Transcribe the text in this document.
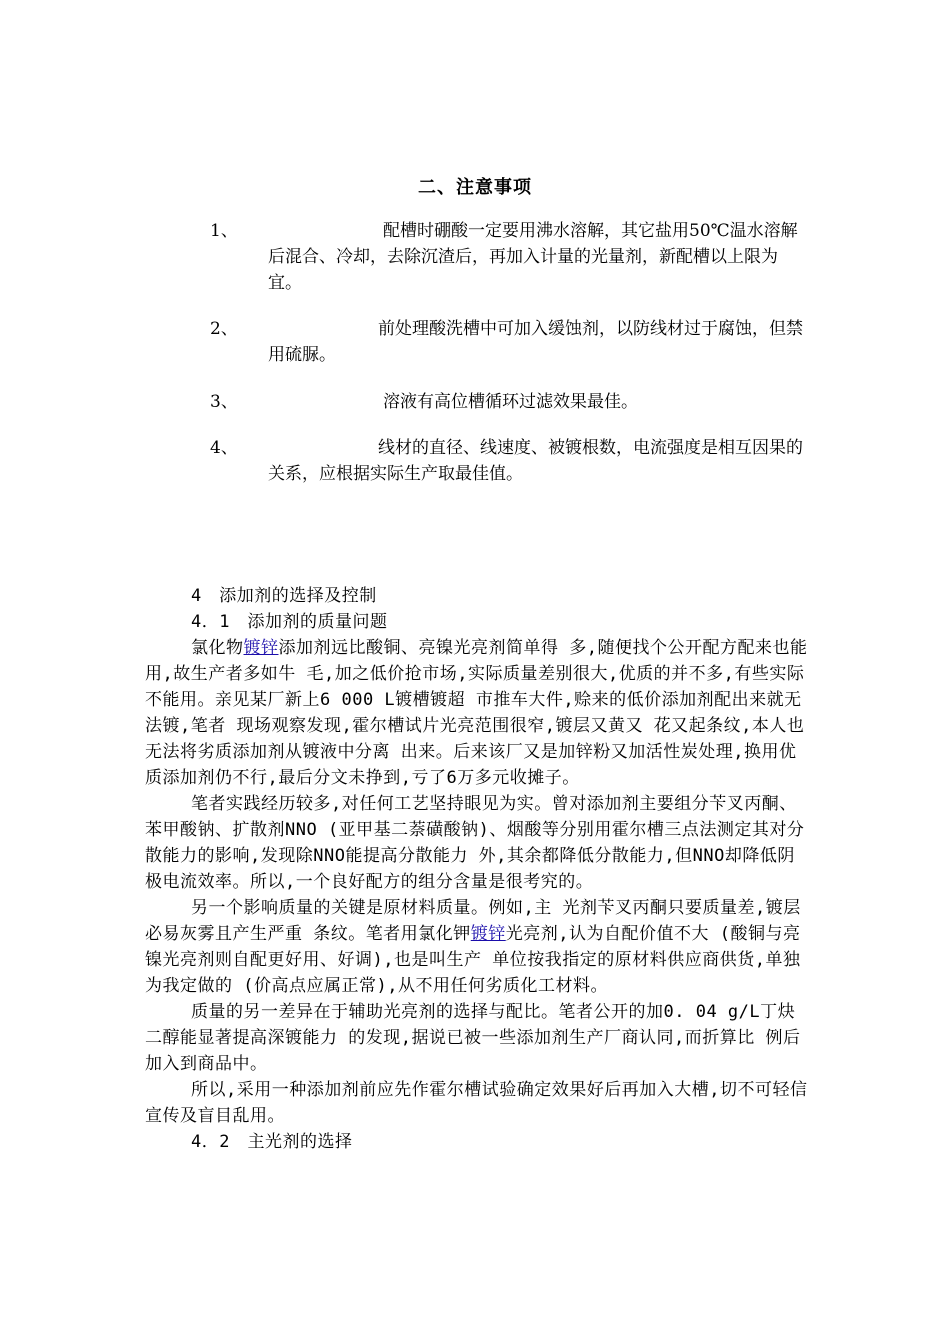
二、注意事项
1、	配槽时硼酸一定要用沸水溶解，其它盐用50℃温水溶解后混合、冷却，去除沉渣后，再加入计量的光量剂，新配槽以上限为宜。
2、	前处理酸洗槽中可加入缓蚀剂，以防线材过于腐蚀，但禁用硫脲。
3、	溶液有高位槽循环过滤效果最佳。
4、	线材的直径、线速度、被镀根数，电流强度是相互因果的关系，应根据实际生产取最佳值。

4　添加剂的选择及控制

4．1　添加剂的质量问题

氯化物镀锌添加剂远比酸铜、亮镍光亮剂简单得 多,随便找个公开配方配来也能用,故生产者多如牛 毛,加之低价抢市场,实际质量差别很大,优质的并不多,有些实际不能用。亲见某厂新上6 000 L镀槽镀超 市推车大件,赊来的低价添加剂配出来就无法镀,笔者 现场观察发现,霍尔槽试片光亮范围很窄,镀层又黄又 花又起条纹,本人也无法将劣质添加剂从镀液中分离 出来。后来该厂又是加锌粉又加活性炭处理,换用优质添加剂仍不行,最后分文未挣到,亏了6万多元收摊子。

笔者实践经历较多,对任何工艺坚持眼见为实。曾对添加剂主要组分苄叉丙酮、苯甲酸钠、扩散剂NNO (亚甲基二萘磺酸钠)、烟酸等分别用霍尔槽三点法测定其对分散能力的影响,发现除NNO能提高分散能力 外,其余都降低分散能力,但NNO却降低阴极电流效率。所以,一个良好配方的组分含量是很考究的。

另一个影响质量的关键是原材料质量。例如,主 光剂苄叉丙酮只要质量差,镀层必易灰雾且产生严重 条纹。笔者用氯化钾镀锌光亮剂,认为自配价值不大 (酸铜与亮镍光亮剂则自配更好用、好调),也是叫生产 单位按我指定的原材料供应商供货,单独为我定做的 (价高点应属正常),从不用任何劣质化工材料。

质量的另一差异在于辅助光亮剂的选择与配比。笔者公开的加0. 04 g/L丁炔二醇能显著提高深镀能力 的发现,据说已被一些添加剂生产厂商认同,而折算比 例后加入到商品中。

所以,采用一种添加剂前应先作霍尔槽试验确定效果好后再加入大槽,切不可轻信宣传及盲目乱用。

4．2　主光剂的选择
